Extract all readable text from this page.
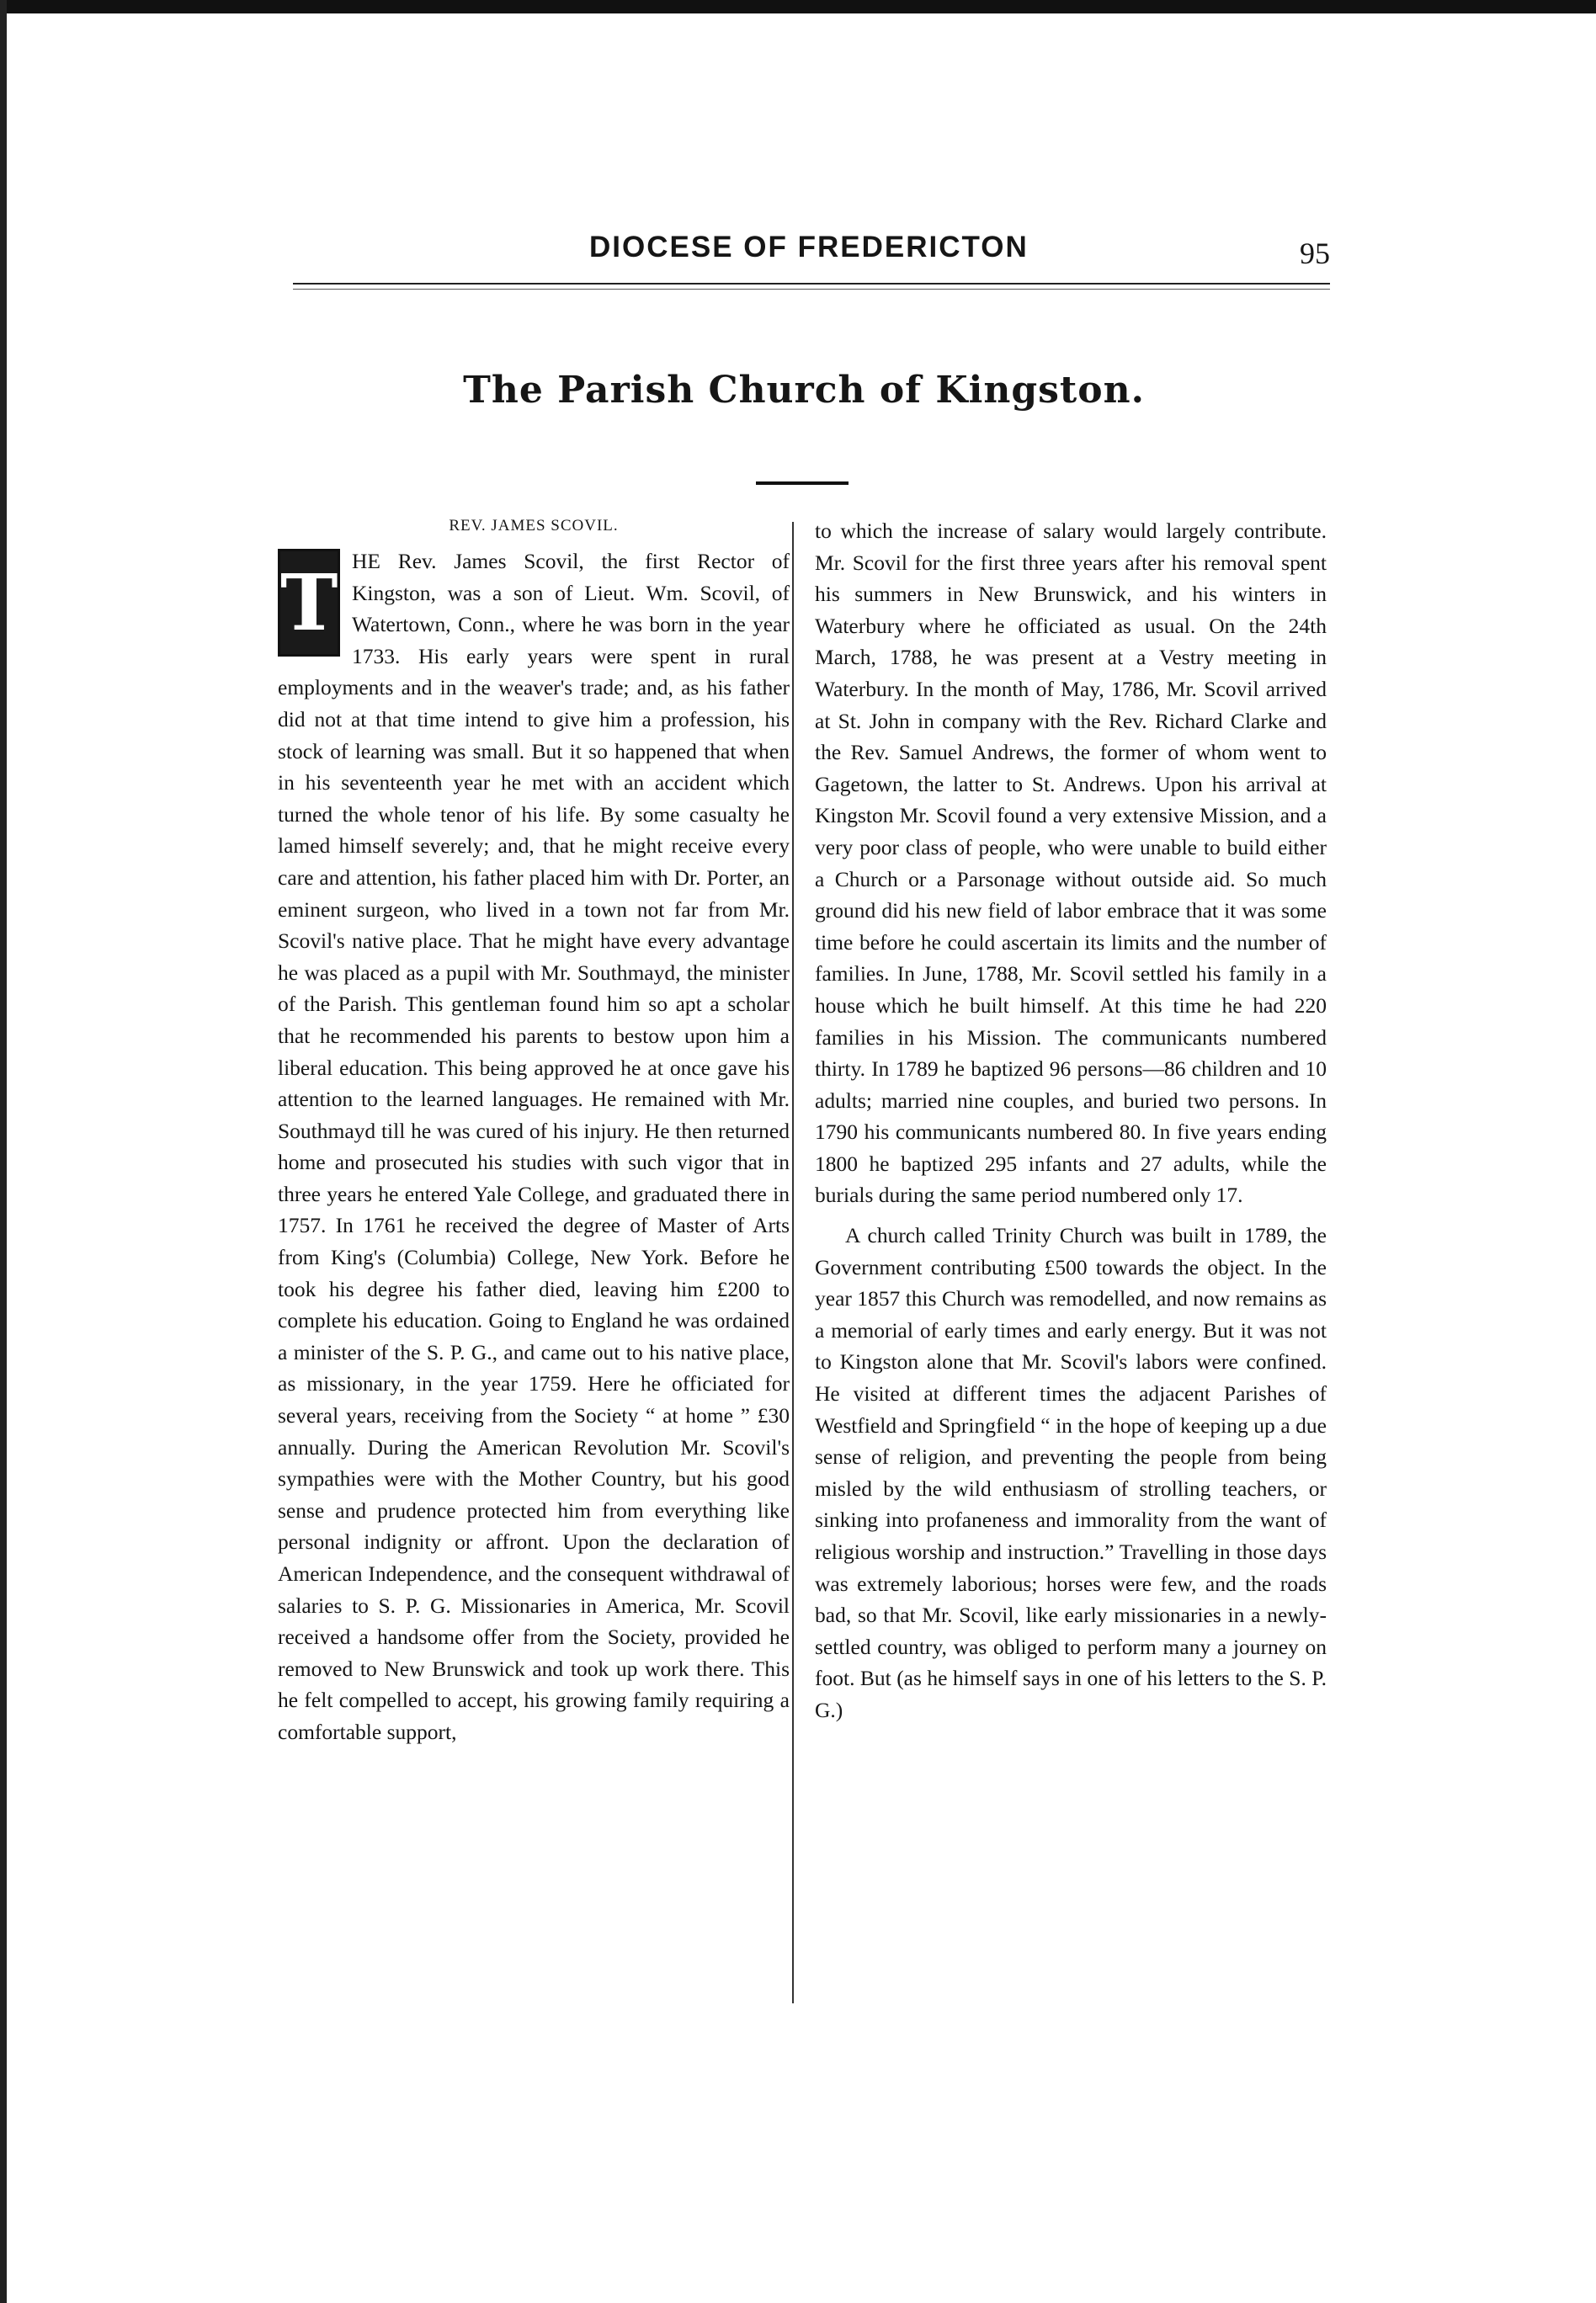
DIOCESE OF FREDERICTON	95
The Parish Church of Kingston.
REV. JAMES SCOVIL.
T HE Rev. James Scovil, the first Rector of Kingston, was a son of Lieut. Wm. Scovil, of Watertown, Conn., where he was born in the year 1733. His early years were spent in rural employments and in the weaver's trade; and, as his father did not at that time intend to give him a profession, his stock of learning was small. But it so happened that when in his seventeenth year he met with an accident which turned the whole tenor of his life. By some casualty he lamed himself severely; and, that he might receive every care and attention, his father placed him with Dr. Porter, an eminent surgeon, who lived in a town not far from Mr. Scovil's native place. That he might have every advantage he was placed as a pupil with Mr. Southmayd, the minister of the Parish. This gentleman found him so apt a scholar that he recommended his parents to bestow upon him a liberal education. This being approved he at once gave his attention to the learned languages. He remained with Mr. Southmayd till he was cured of his injury. He then returned home and prosecuted his studies with such vigor that in three years he entered Yale College, and graduated there in 1757. In 1761 he received the degree of Master of Arts from King's (Columbia) College, New York. Before he took his degree his father died, leaving him £200 to complete his education. Going to England he was ordained a minister of the S. P. G., and came out to his native place, as missionary, in the year 1759. Here he officiated for several years, receiving from the Society “ at home ” £30 annually. During the American Revolution Mr. Scovil's sympathies were with the Mother Country, but his good sense and prudence protected him from everything like personal indignity or affront. Upon the declaration of American Independence, and the consequent withdrawal of salaries to S. P. G. Missionaries in America, Mr. Scovil received a handsome offer from the Society, provided he removed to New Brunswick and took up work there. This he felt compelled to accept, his growing family requiring a comfortable support,

to which the increase of salary would largely contribute. Mr. Scovil for the first three years after his removal spent his summers in New Brunswick, and his winters in Waterbury where he officiated as usual. On the 24th March, 1788, he was present at a Vestry meeting in Waterbury. In the month of May, 1786, Mr. Scovil arrived at St. John in company with the Rev. Richard Clarke and the Rev. Samuel Andrews, the former of whom went to Gagetown, the latter to St. Andrews. Upon his arrival at Kingston Mr. Scovil found a very extensive Mission, and a very poor class of people, who were unable to build either a Church or a Parsonage without outside aid. So much ground did his new field of labor embrace that it was some time before he could ascertain its limits and the number of families. In June, 1788, Mr. Scovil settled his family in a house which he built himself. At this time he had 220 families in his Mission. The communicants numbered thirty. In 1789 he baptized 96 persons—86 children and 10 adults; married nine couples, and buried two persons. In 1790 his communicants numbered 80. In five years ending 1800 he baptized 295 infants and 27 adults, while the burials during the same period numbered only 17.

A church called Trinity Church was built in 1789, the Government contributing £500 towards the object. In the year 1857 this Church was remodelled, and now remains as a memorial of early times and early energy. But it was not to Kingston alone that Mr. Scovil's labors were confined. He visited at different times the adjacent Parishes of Westfield and Springfield “ in the hope of keeping up a due sense of religion, and preventing the people from being misled by the wild enthusiasm of strolling teachers, or sinking into profaneness and immorality from the want of religious worship and instruction.” Travelling in those days was extremely laborious; horses were few, and the roads bad, so that Mr. Scovil, like early missionaries in a newly-settled country, was obliged to perform many a journey on foot. But (as he himself says in one of his letters to the S. P. G.)
